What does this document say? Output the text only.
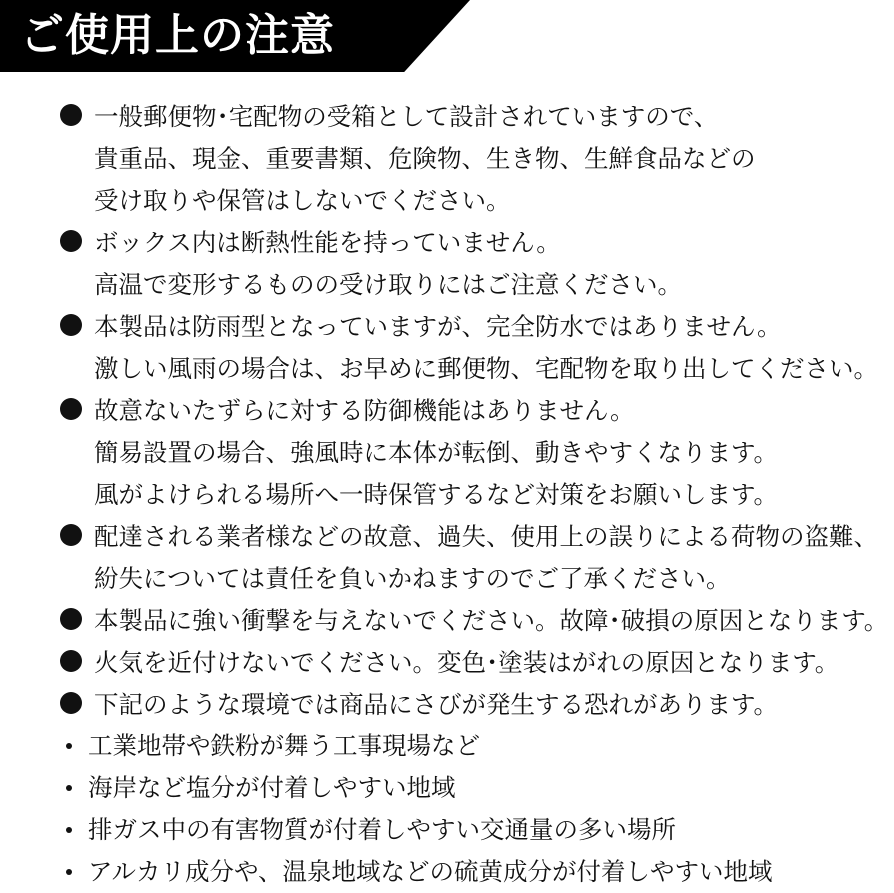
ご使用上の注意
一般郵便物･宅配物の受箱として設計されていますので、
貴重品、現金、重要書類、危険物、生き物、生鮮食品などの
受け取りや保管はしないでください。
ボックス内は断熱性能を持っていません。
高温で変形するものの受け取りにはご注意ください。
本製品は防雨型となっていますが、完全防水ではありません。
激しい風雨の場合は、お早めに郵便物、宅配物を取り出してください。
故意ないたずらに対する防御機能はありません。
簡易設置の場合、強風時に本体が転倒、動きやすくなります。
風がよけられる場所へ一時保管するなど対策をお願いします。
配達される業者様などの故意、過失、使用上の誤りによる荷物の盗難、
紛失については責任を負いかねますのでご了承ください。
本製品に強い衝撃を与えないでください。故障･破損の原因となります。
火気を近付けないでください。変色･塗装はがれの原因となります。
下記のような環境では商品にさびが発生する恐れがあります。
工業地帯や鉄粉が舞う工事現場など
海岸など塩分が付着しやすい地域
排ガス中の有害物質が付着しやすい交通量の多い場所
アルカリ成分や、温泉地域などの硫黄成分が付着しやすい地域
